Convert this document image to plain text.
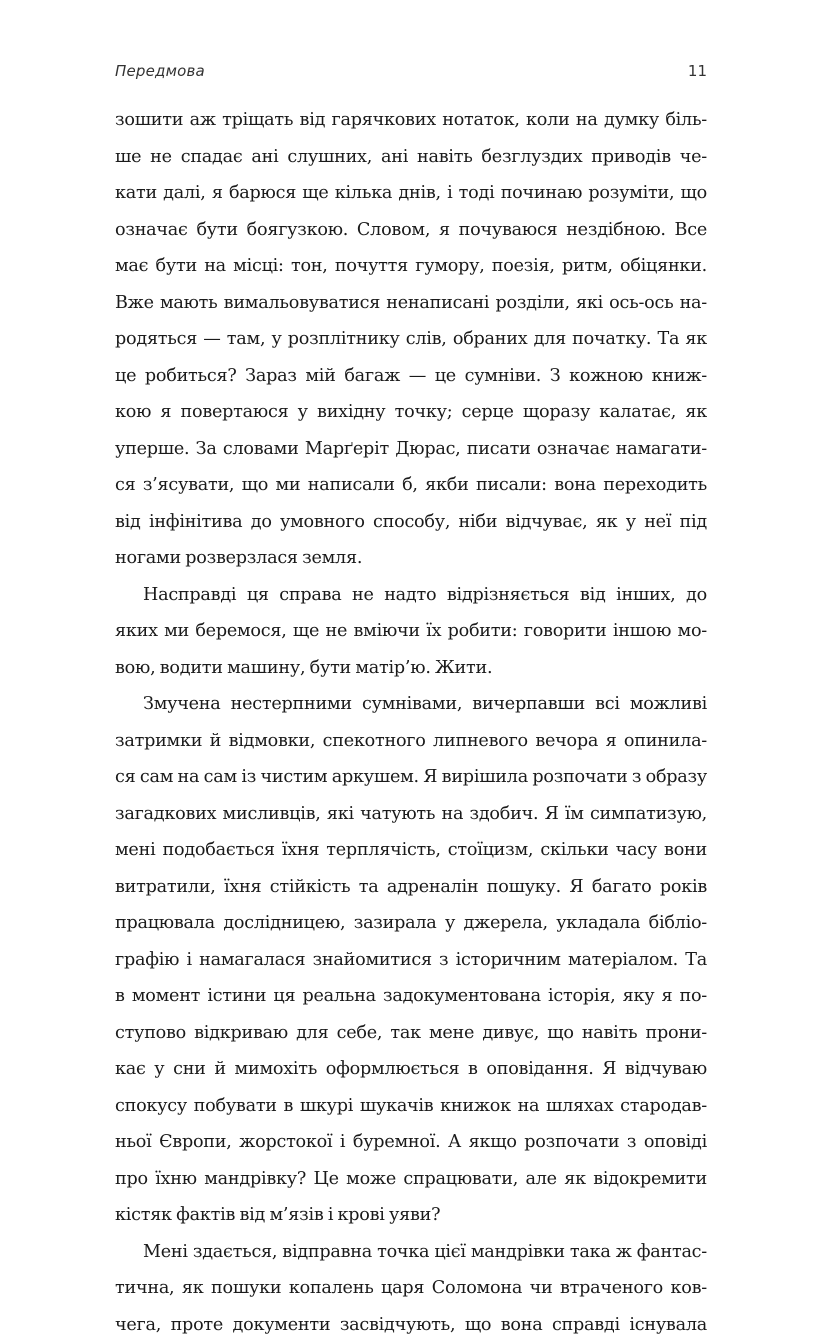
Передмова	11
зошити аж тріщать від гарячкових нотаток, коли на думку біль-
ше не спадає ані слушних, ані навіть безглуздих приводів че-
кати далі, я барюся ще кілька днів, і тоді починаю розуміти, що
означає бути боягузкою. Словом, я почуваюся нездібною. Все
має бути на місці: тон, почуття гумору, поезія, ритм, обіцянки.
Вже мають вимальовуватися ненаписані розділи, які ось-ось на-
родяться — там, у розплітнику слів, обраних для початку. Та як
це робиться? Зараз мій багаж — це сумніви. З кожною книж-
кою я повертаюся у вихідну точку; серце щоразу калатає, як
уперше. За словами Марґеріт Дюрас, писати означає намагати-
ся з’ясувати, що ми написали б, якби писали: вона переходить
від інфінітива до умовного способу, ніби відчуває, як у неї під
ногами розверзлася земля.
Насправді ця справа не надто відрізняється від інших, до
яких ми беремося, ще не вміючи їх робити: говорити іншою мо-
вою, водити машину, бути матір’ю. Жити.
Змучена нестерпними сумнівами, вичерпавши всі можливі
затримки й відмовки, спекотного липневого вечора я опинила-
ся сам на сам із чистим аркушем. Я вирішила розпочати з образу
загадкових мисливців, які чатують на здобич. Я їм симпатизую,
мені подобається їхня терплячість, стоїцизм, скільки часу вони
витратили, їхня стійкість та адреналін пошуку. Я багато років
працювала дослідницею, зазирала у джерела, укладала бібліо-
графію і намагалася знайомитися з історичним матеріалом. Та
в момент істини ця реальна задокументована історія, яку я по-
ступово відкриваю для себе, так мене дивує, що навіть прони-
кає у сни й мимохіть оформлюється в оповідання. Я відчуваю
спокусу побувати в шкурі шукачів книжок на шляхах стародав-
ньої Європи, жорстокої і буремної. А якщо розпочати з оповіді
про їхню мандрівку? Це може спрацювати, але як відокремити
кістяк фактів від м’язів і крові уяви?
Мені здається, відправна точка цієї мандрівки така ж фантас-
тична, як пошуки копалень царя Соломона чи втраченого ков-
чега, проте документи засвідчують, що вона справді існувала
